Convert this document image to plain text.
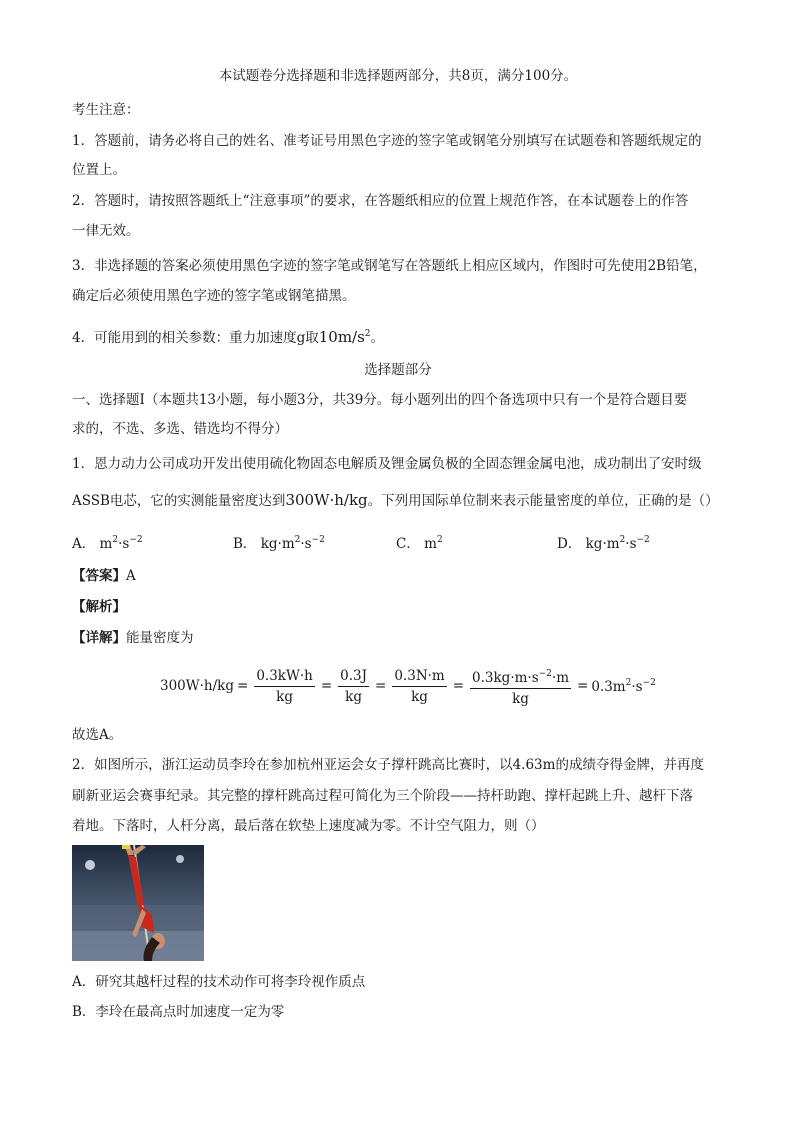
本试题卷分选择题和非选择题两部分，共8页，满分100分。
考生注意：
1．答题前，请务必将自己的姓名、准考证号用黑色字迹的签字笔或钢笔分别填写在试题卷和答题纸规定的
位置上。
2．答题时，请按照答题纸上“注意事项”的要求，在答题纸相应的位置上规范作答，在本试题卷上的作答
一律无效。
3．非选择题的答案必须使用黑色字迹的签字笔或钢笔写在答题纸上相应区域内，作图时可先使用2B铅笔，
确定后必须使用黑色字迹的签字笔或钢笔描黑。
4．可能用到的相关参数：重力加速度g取$10m/s^2$。
选择题部分
一、选择题Ⅰ（本题共13小题，每小题3分，共39分。每小题列出的四个备选项中只有一个是符合题目要
求的，不选、多选、错选均不得分）
1．恩力动力公司成功开发出使用硫化物固态电解质及锂金属负极的全固态锂金属电池，成功制出了安时级
ASSB电芯，它的实测能量密度达到300W·h/kg。下列用国际单位制来表示能量密度的单位，正确的是（）
A． $m^2\cdot s^{-2}$	B． $kg\cdot m^2\cdot s^{-2}$	C． $m^2$	D． $kg\cdot m^2\cdot s^{-2}$
【答案】A
【解析】
【详解】能量密度为
$300W\cdot h/kg = \frac{0.3kW\cdot h}{kg} = \frac{0.3J}{kg} = \frac{0.3N\cdot m}{kg} = \frac{0.3kg\cdot m\cdot s^{-2}\cdot m}{kg} = 0.3m^2\cdot s^{-2}$
故选A。
2．如图所示，浙江运动员李玲在参加杭州亚运会女子撑杆跳高比赛时，以4.63m的成绩夺得金牌，并再度
刷新亚运会赛事纪录。其完整的撑杆跳高过程可简化为三个阶段——持杆助跑、撑杆起跳上升、越杆下落
着地。下落时，人杆分离，最后落在软垫上速度减为零。不计空气阻力，则（）
A．研究其越杆过程的技术动作可将李玲视作质点
B．李玲在最高点时加速度一定为零
